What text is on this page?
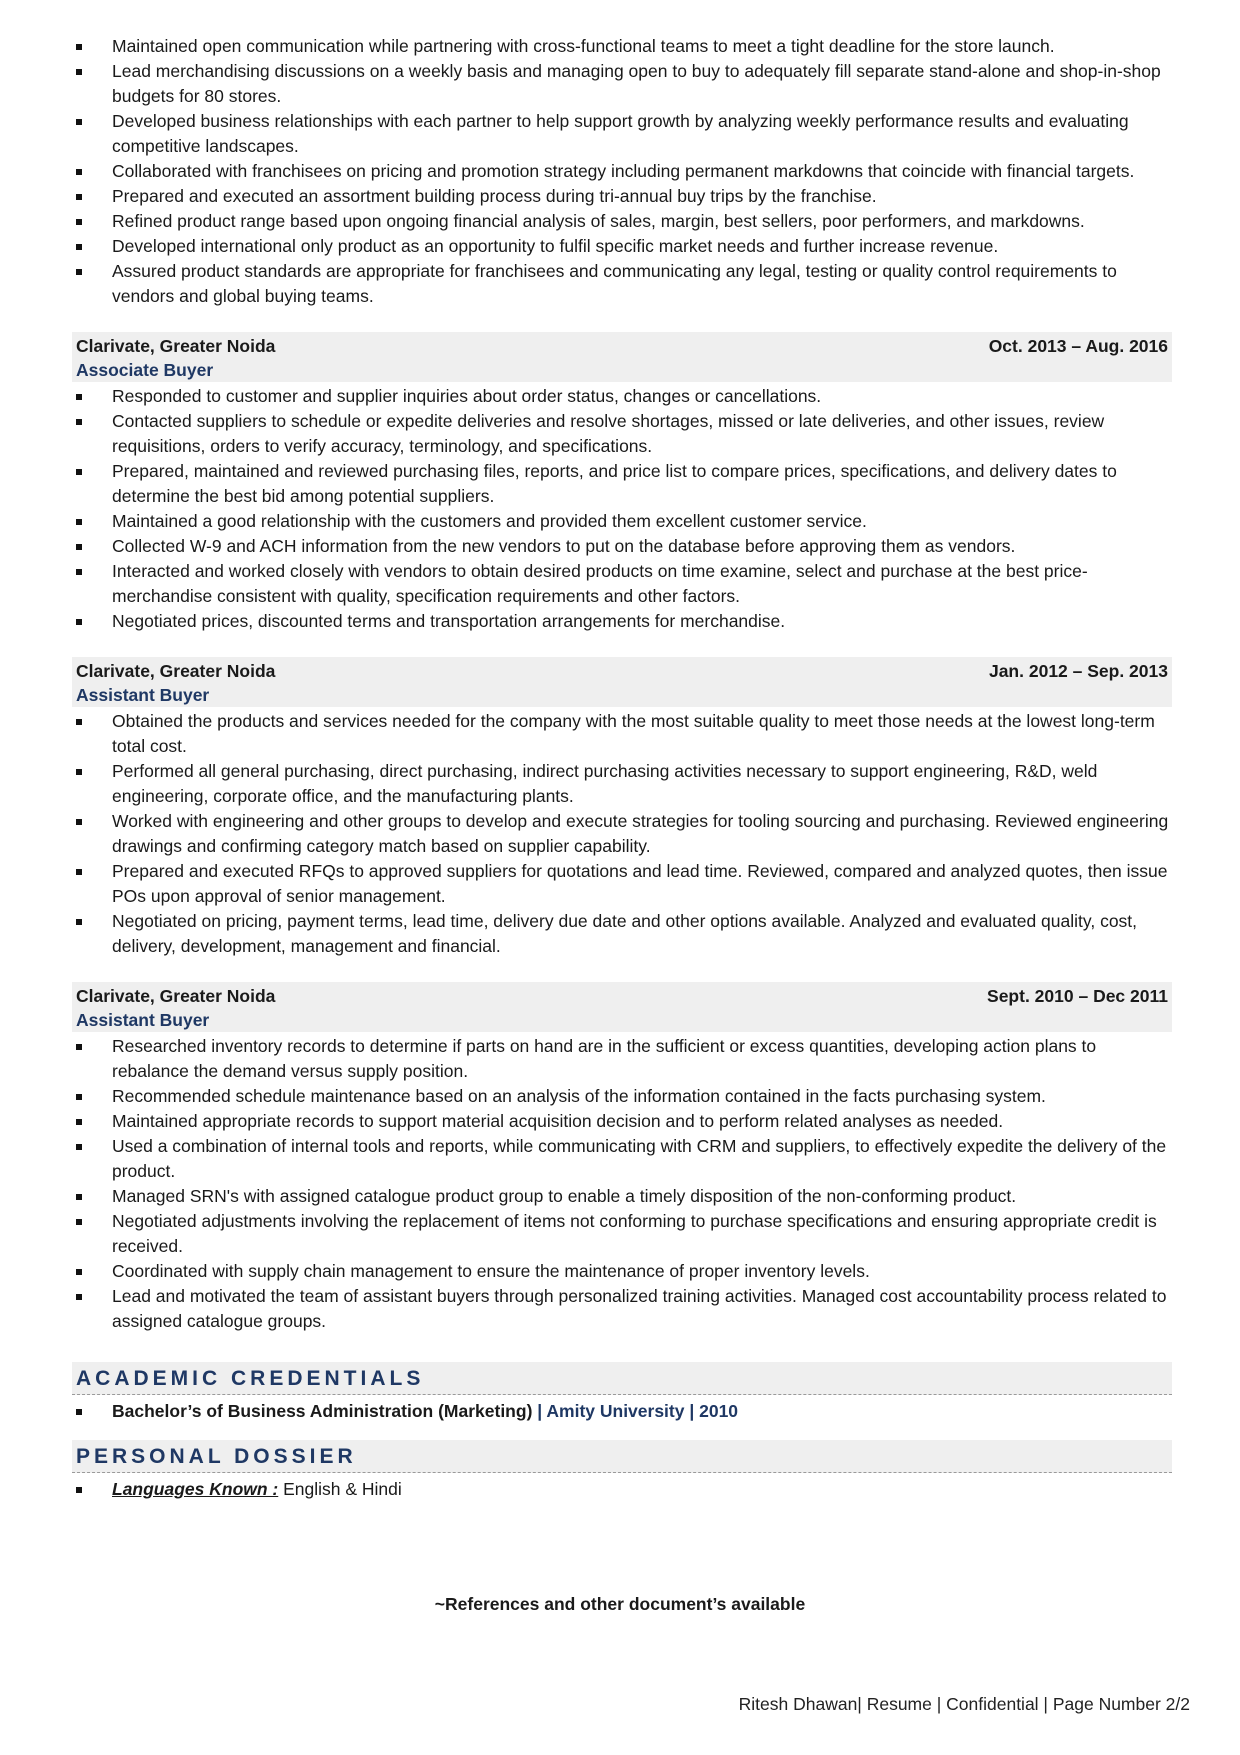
Maintained open communication while partnering with cross-functional teams to meet a tight deadline for the store launch.
Lead merchandising discussions on a weekly basis and managing open to buy to adequately fill separate stand-alone and shop-in-shop budgets for 80 stores.
Developed business relationships with each partner to help support growth by analyzing weekly performance results and evaluating competitive landscapes.
Collaborated with franchisees on pricing and promotion strategy including permanent markdowns that coincide with financial targets.
Prepared and executed an assortment building process during tri-annual buy trips by the franchise.
Refined product range based upon ongoing financial analysis of sales, margin, best sellers, poor performers, and markdowns.
Developed international only product as an opportunity to fulfil specific market needs and further increase revenue.
Assured product standards are appropriate for franchisees and communicating any legal, testing or quality control requirements to vendors and global buying teams.
Clarivate, Greater Noida	Oct. 2013 – Aug. 2016
Associate Buyer
Responded to customer and supplier inquiries about order status, changes or cancellations.
Contacted suppliers to schedule or expedite deliveries and resolve shortages, missed or late deliveries, and other issues, review requisitions, orders to verify accuracy, terminology, and specifications.
Prepared, maintained and reviewed purchasing files, reports, and price list to compare prices, specifications, and delivery dates to determine the best bid among potential suppliers.
Maintained a good relationship with the customers and provided them excellent customer service.
Collected W-9 and ACH information from the new vendors to put on the database before approving them as vendors.
Interacted and worked closely with vendors to obtain desired products on time examine, select and purchase at the best price-merchandise consistent with quality, specification requirements and other factors.
Negotiated prices, discounted terms and transportation arrangements for merchandise.
Clarivate, Greater Noida	Jan. 2012 – Sep. 2013
Assistant Buyer
Obtained the products and services needed for the company with the most suitable quality to meet those needs at the lowest long-term total cost.
Performed all general purchasing, direct purchasing, indirect purchasing activities necessary to support engineering, R&D, weld engineering, corporate office, and the manufacturing plants.
Worked with engineering and other groups to develop and execute strategies for tooling sourcing and purchasing. Reviewed engineering drawings and confirming category match based on supplier capability.
Prepared and executed RFQs to approved suppliers for quotations and lead time. Reviewed, compared and analyzed quotes, then issue POs upon approval of senior management.
Negotiated on pricing, payment terms, lead time, delivery due date and other options available. Analyzed and evaluated quality, cost, delivery, development, management and financial.
Clarivate, Greater Noida	Sept. 2010 – Dec 2011
Assistant Buyer
Researched inventory records to determine if parts on hand are in the sufficient or excess quantities, developing action plans to rebalance the demand versus supply position.
Recommended schedule maintenance based on an analysis of the information contained in the facts purchasing system.
Maintained appropriate records to support material acquisition decision and to perform related analyses as needed.
Used a combination of internal tools and reports, while communicating with CRM and suppliers, to effectively expedite the delivery of the product.
Managed SRN's with assigned catalogue product group to enable a timely disposition of the non-conforming product.
Negotiated adjustments involving the replacement of items not conforming to purchase specifications and ensuring appropriate credit is received.
Coordinated with supply chain management to ensure the maintenance of proper inventory levels.
Lead and motivated the team of assistant buyers through personalized training activities. Managed cost accountability process related to assigned catalogue groups.
ACADEMIC CREDENTIALS
Bachelor’s of Business Administration (Marketing) | Amity University | 2010
PERSONAL DOSSIER
Languages Known : English & Hindi
~References and other document’s available
Ritesh Dhawan| Resume | Confidential | Page Number 2/2
